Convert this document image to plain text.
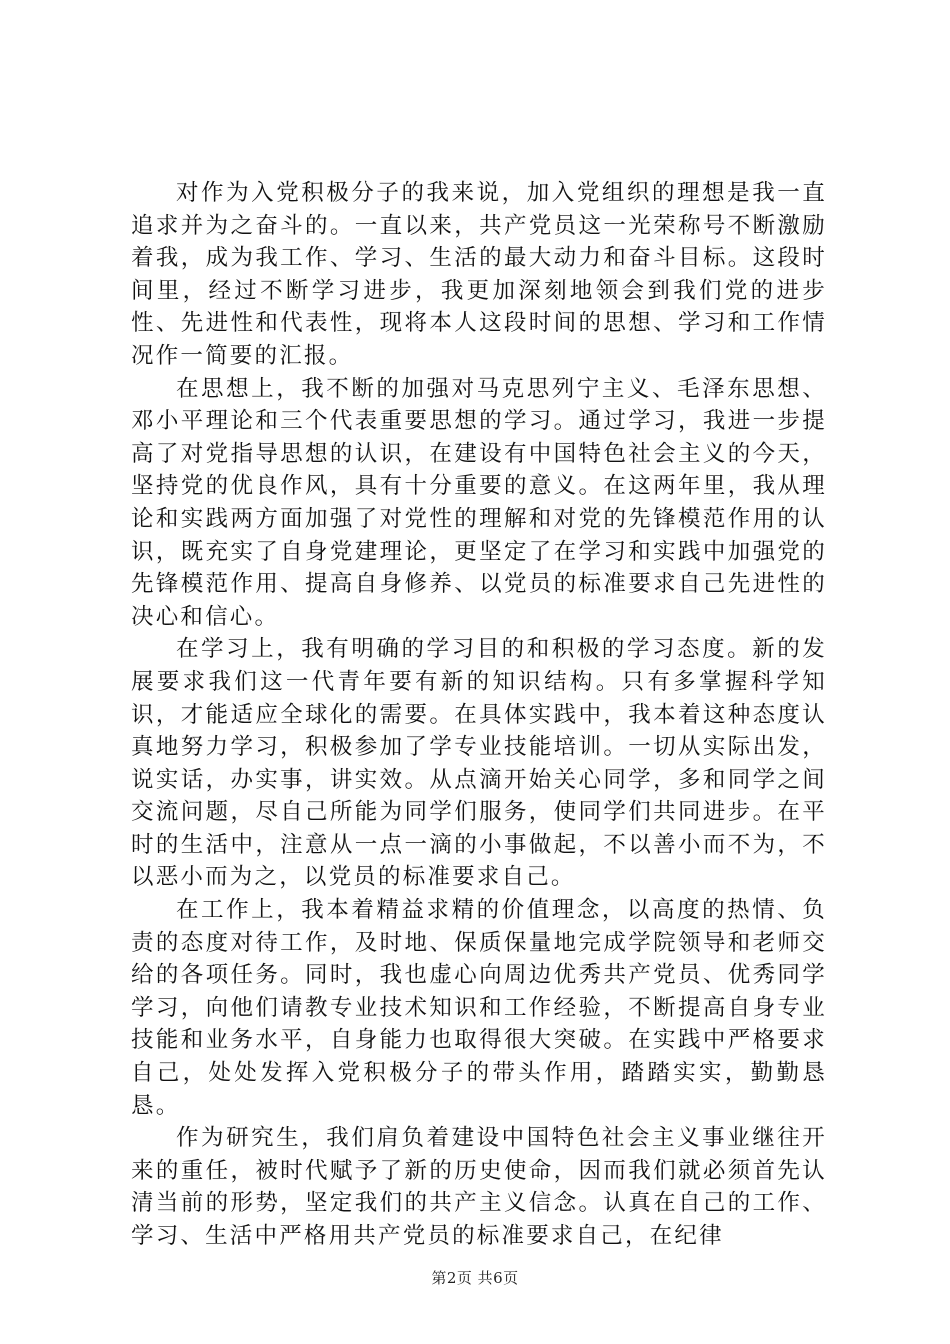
对作为入党积极分子的我来说，加入党组织的理想是我一直追求并为之奋斗的。一直以来，共产党员这一光荣称号不断激励着我，成为我工作、学习、生活的最大动力和奋斗目标。这段时间里，经过不断学习进步，我更加深刻地领会到我们党的进步性、先进性和代表性，现将本人这段时间的思想、学习和工作情况作一简要的汇报。

在思想上，我不断的加强对马克思列宁主义、毛泽东思想、邓小平理论和三个代表重要思想的学习。通过学习，我进一步提高了对党指导思想的认识，在建设有中国特色社会主义的今天，坚持党的优良作风，具有十分重要的意义。在这两年里，我从理论和实践两方面加强了对党性的理解和对党的先锋模范作用的认识，既充实了自身党建理论，更坚定了在学习和实践中加强党的先锋模范作用、提高自身修养、以党员的标准要求自己先进性的决心和信心。

在学习上，我有明确的学习目的和积极的学习态度。新的发展要求我们这一代青年要有新的知识结构。只有多掌握科学知识，才能适应全球化的需要。在具体实践中，我本着这种态度认真地努力学习，积极参加了学专业技能培训。一切从实际出发，说实话，办实事，讲实效。从点滴开始关心同学，多和同学之间交流问题，尽自己所能为同学们服务，使同学们共同进步。在平时的生活中，注意从一点一滴的小事做起，不以善小而不为，不以恶小而为之，以党员的标准要求自己。

在工作上，我本着精益求精的价值理念，以高度的热情、负责的态度对待工作，及时地、保质保量地完成学院领导和老师交给的各项任务。同时，我也虚心向周边优秀共产党员、优秀同学学习，向他们请教专业技术知识和工作经验，不断提高自身专业技能和业务水平，自身能力也取得很大突破。在实践中严格要求自己，处处发挥入党积极分子的带头作用，踏踏实实，勤勤恳恳。

作为研究生，我们肩负着建设中国特色社会主义事业继往开来的重任，被时代赋予了新的历史使命，因而我们就必须首先认清当前的形势，坚定我们的共产主义信念。认真在自己的工作、学习、生活中严格用共产党员的标准要求自己，在纪律

第2页 共6页
